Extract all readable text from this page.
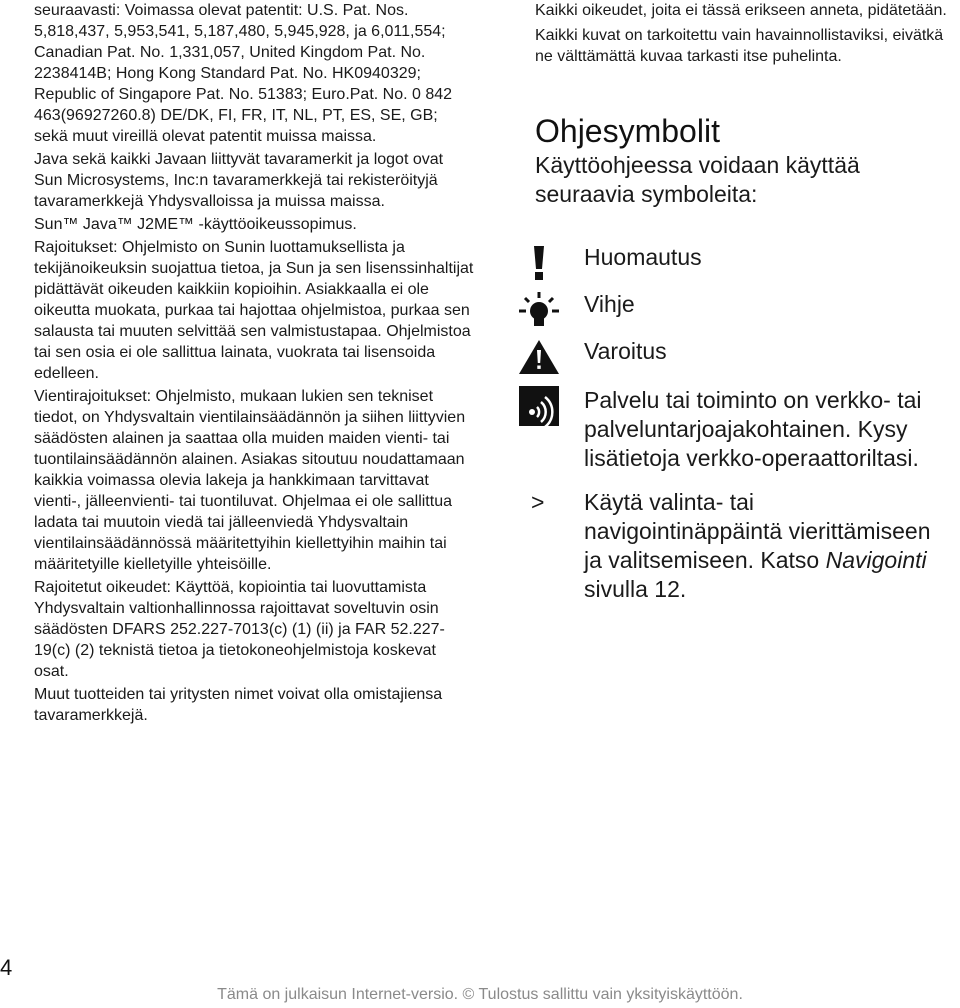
seuraavasti: Voimassa olevat patentit: U.S. Pat. Nos. 5,818,437, 5,953,541, 5,187,480, 5,945,928, ja 6,011,554; Canadian Pat. No. 1,331,057, United Kingdom Pat. No. 2238414B; Hong Kong Standard Pat. No. HK0940329; Republic of Singapore Pat. No. 51383; Euro.Pat. No. 0 842 463(96927260.8) DE/DK, FI, FR, IT, NL, PT, ES, SE, GB; sekä muut vireillä olevat patentit muissa maissa.

Java sekä kaikki Javaan liittyvät tavaramerkit ja logot ovat Sun Microsystems, Inc:n tavaramerkkejä tai rekisteröityjä tavaramerkkejä Yhdysvalloissa ja muissa maissa.

Sun™ Java™ J2ME™ -käyttöoikeussopimus.

Rajoitukset: Ohjelmisto on Sunin luottamuksellista ja tekijänoikeuksin suojattua tietoa, ja Sun ja sen lisenssinhaltijat pidättävät oikeuden kaikkiin kopioihin. Asiakkaalla ei ole oikeutta muokata, purkaa tai hajottaa ohjelmistoa, purkaa sen salausta tai muuten selvittää sen valmistustapaa. Ohjelmistoa tai sen osia ei ole sallittua lainata, vuokrata tai lisensoida edelleen.

Vientirajoitukset: Ohjelmisto, mukaan lukien sen tekniset tiedot, on Yhdysvaltain vientilainsäädännön ja siihen liittyvien säädösten alainen ja saattaa olla muiden maiden vienti- tai tuontilainsäädännön alainen. Asiakas sitoutuu noudattamaan kaikkia voimassa olevia lakeja ja hankkimaan tarvittavat vienti-, jälleenvienti- tai tuontiluvat. Ohjelmaa ei ole sallittua ladata tai muutoin viedä tai jälleenviedä Yhdysvaltain vientilainsäädännössä määritettyihin kiellettyihin maihin tai määritetyille kielletyille yhteisöille.

Rajoitetut oikeudet: Käyttöä, kopiointia tai luovuttamista Yhdysvaltain valtionhallinnossa rajoittavat soveltuvin osin säädösten DFARS 252.227-7013(c) (1) (ii) ja FAR 52.227-19(c) (2) teknistä tietoa ja tietokoneohjelmistoja koskevat osat.

Muut tuotteiden tai yritysten nimet voivat olla omistajiensa tavaramerkkejä.

Kaikki oikeudet, joita ei tässä erikseen anneta, pidätetään.

Kaikki kuvat on tarkoitettu vain havainnollistaviksi, eivätkä ne välttämättä kuvaa tarkasti itse puhelinta.

Ohjesymbolit

Käyttöohjeessa voidaan käyttää seuraavia symboleita:

Huomautus
Vihje
Varoitus
Palvelu tai toiminto on verkko- tai palveluntarjoajakohtainen. Kysy lisätietoja verkko-operaattoriltasi.
>	Käytä valinta- tai navigointinäppäintä vierittämiseen ja valitsemiseen. Katso Navigointi sivulla 12.
4
Tämä on julkaisun Internet-versio. © Tulostus sallittu vain yksityiskäyttöön.
